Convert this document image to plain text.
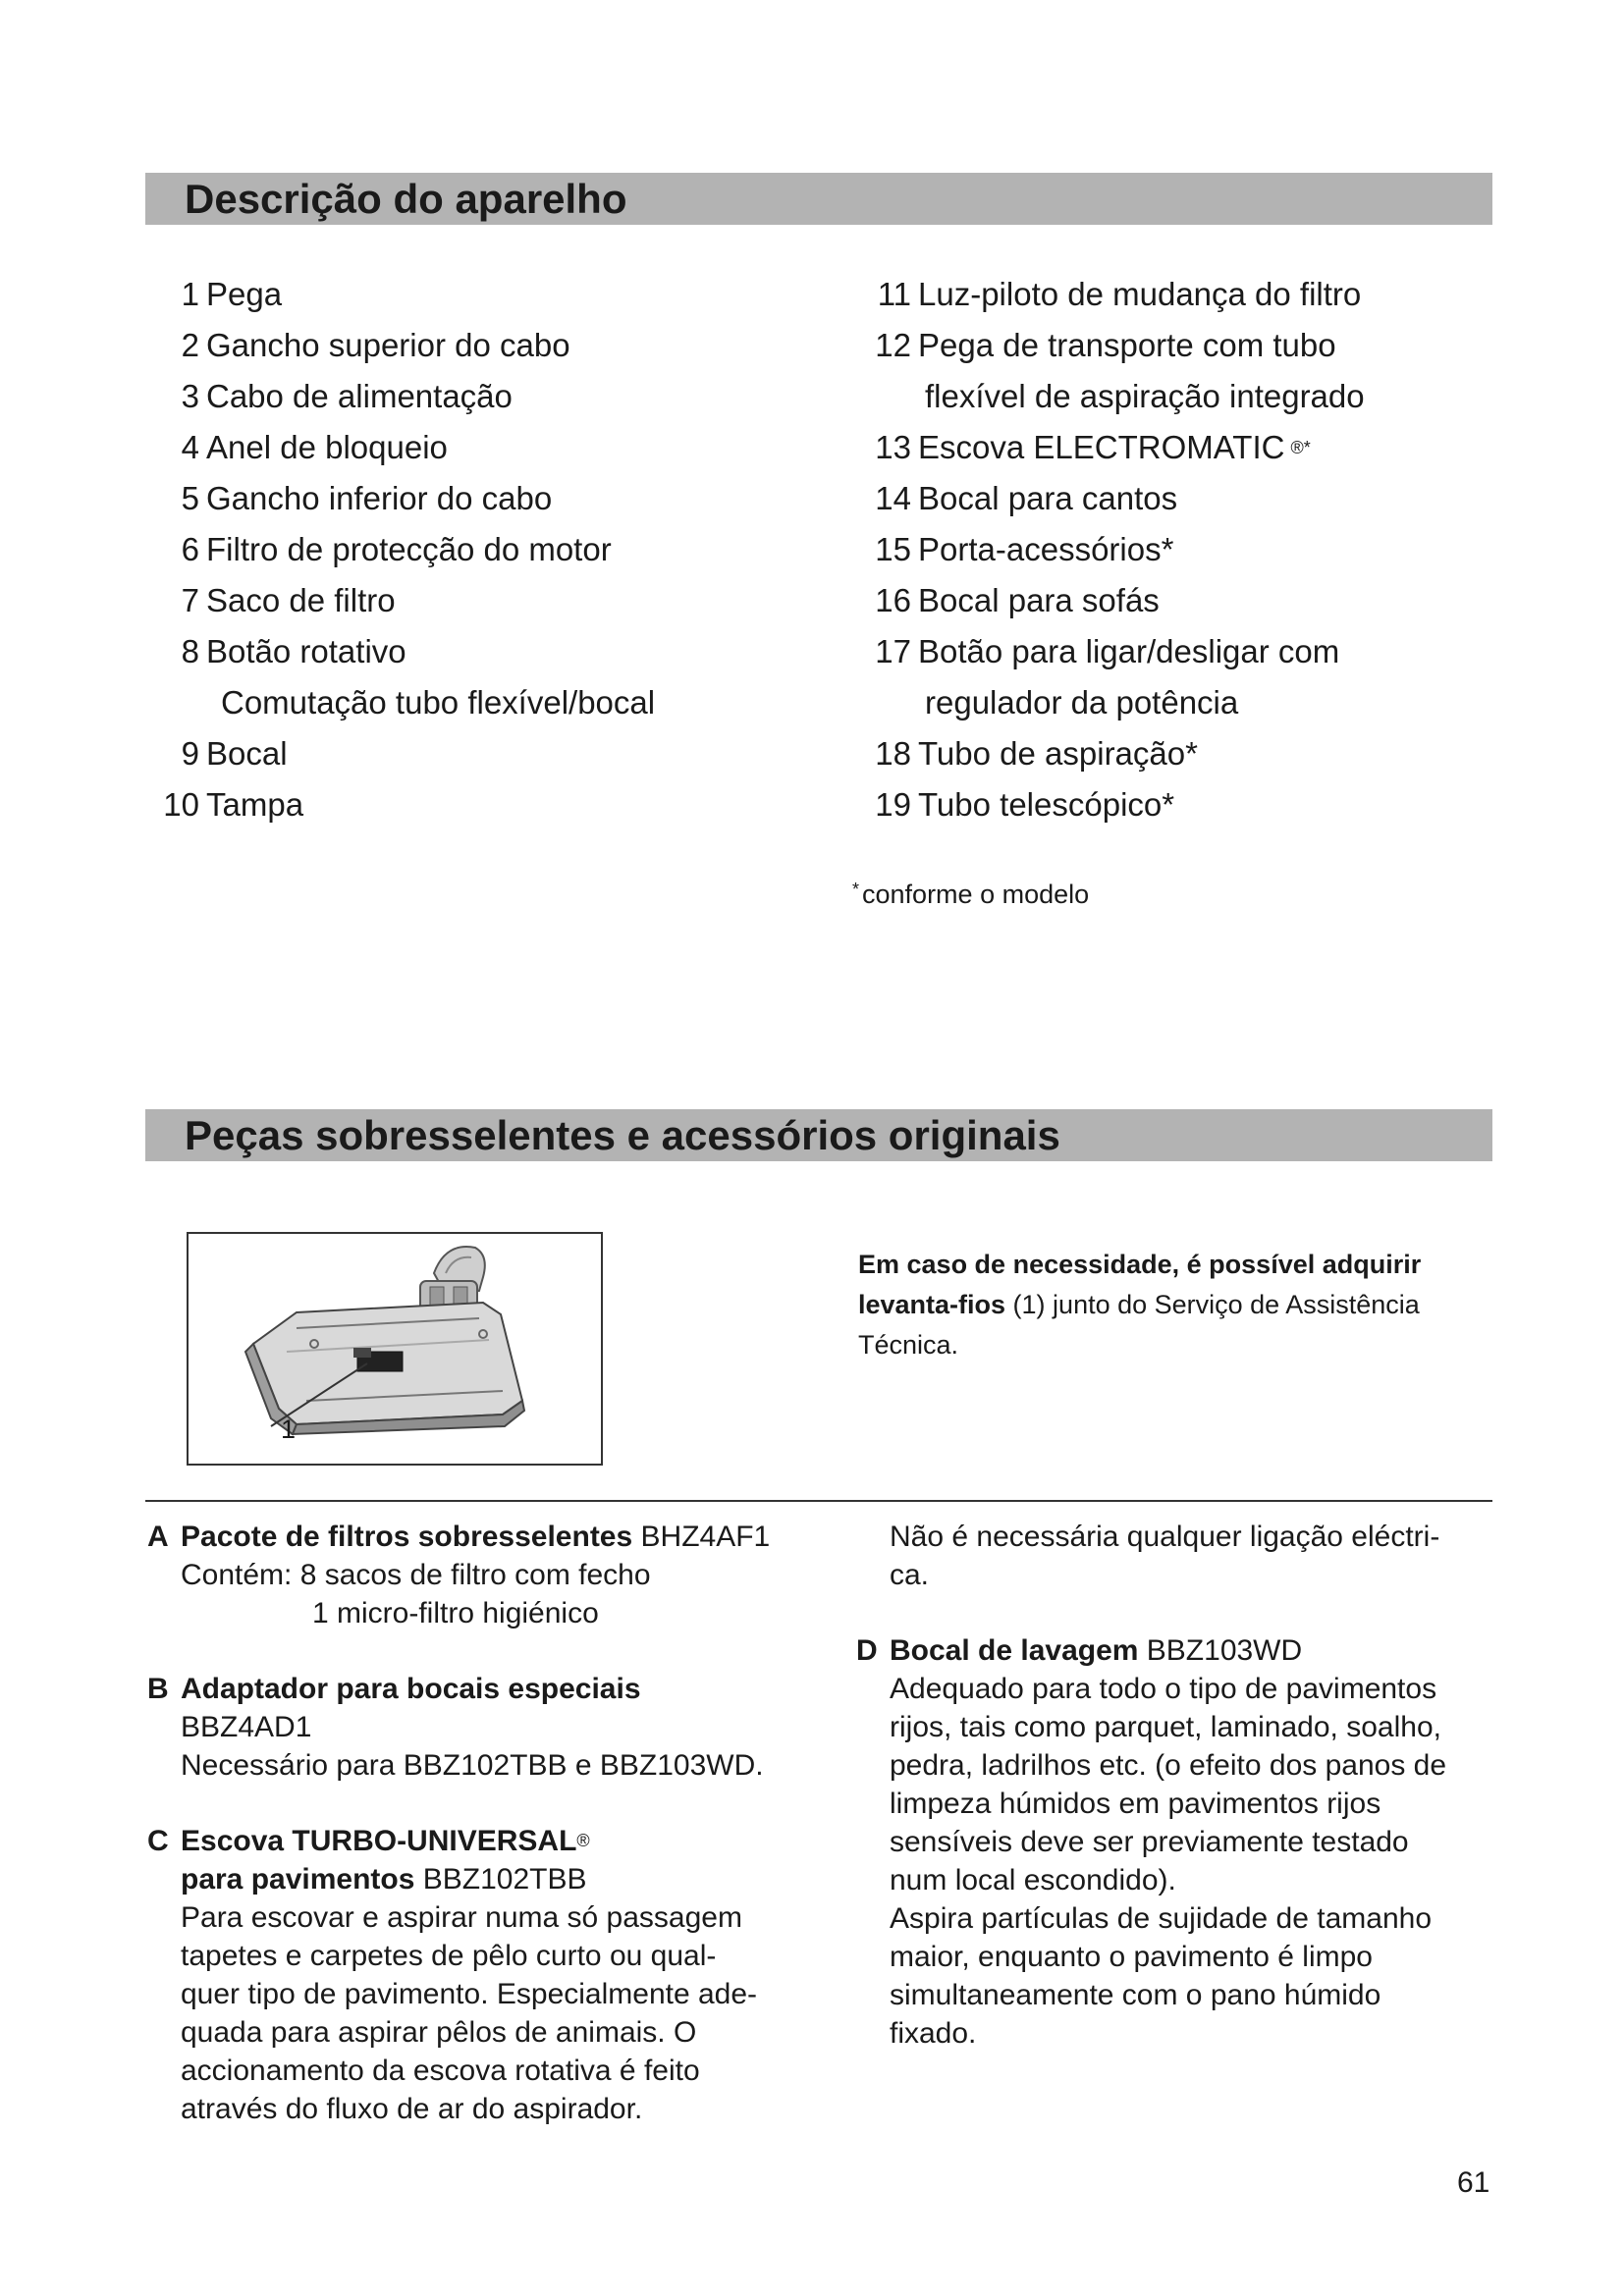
Descrição do aparelho
1 Pega
2 Gancho superior do cabo
3 Cabo de alimentação
4 Anel de bloqueio
5 Gancho inferior do cabo
6 Filtro de protecção do motor
7 Saco de filtro
8 Botão rotativo
Comutação tubo flexível/bocal
9 Bocal
10 Tampa
11 Luz-piloto de mudança do filtro
12 Pega de transporte com tubo
flexível de aspiração integrado
13 Escova ELECTROMATIC ®*
14 Bocal para cantos
15 Porta-acessórios*
16 Bocal para sofás
17 Botão para ligar/desligar com
regulador da potência
18 Tubo de aspiração*
19 Tubo telescópico*
* conforme o modelo
Peças sobresselentes e acessórios originais
1
Em caso de necessidade, é possível adquirir
levanta-fios (1) junto do Serviço de Assistência
Técnica.
A Pacote de filtros sobresselentes BHZ4AF1
Contém: 8 sacos de filtro com fecho
1 micro-filtro higiénico
B Adaptador para bocais especiais
BBZ4AD1
Necessário para BBZ102TBB e BBZ103WD.
C Escova TURBO-UNIVERSAL®
para pavimentos BBZ102TBB
Para escovar e aspirar numa só passagem
tapetes e carpetes de pêlo curto ou qual-
quer tipo de pavimento. Especialmente ade-
quada para aspirar pêlos de animais. O
accionamento da escova rotativa é feito
através do fluxo de ar do aspirador.
Não é necessária qualquer ligação eléctri-
ca.
D Bocal de lavagem BBZ103WD
Adequado para todo o tipo de pavimentos
rijos, tais como parquet, laminado, soalho,
pedra, ladrilhos etc. (o efeito dos panos de
limpeza húmidos em pavimentos rijos
sensíveis deve ser previamente testado
num local escondido).
Aspira partículas de sujidade de tamanho
maior, enquanto o pavimento é limpo
simultaneamente com o pano húmido
fixado.
61
